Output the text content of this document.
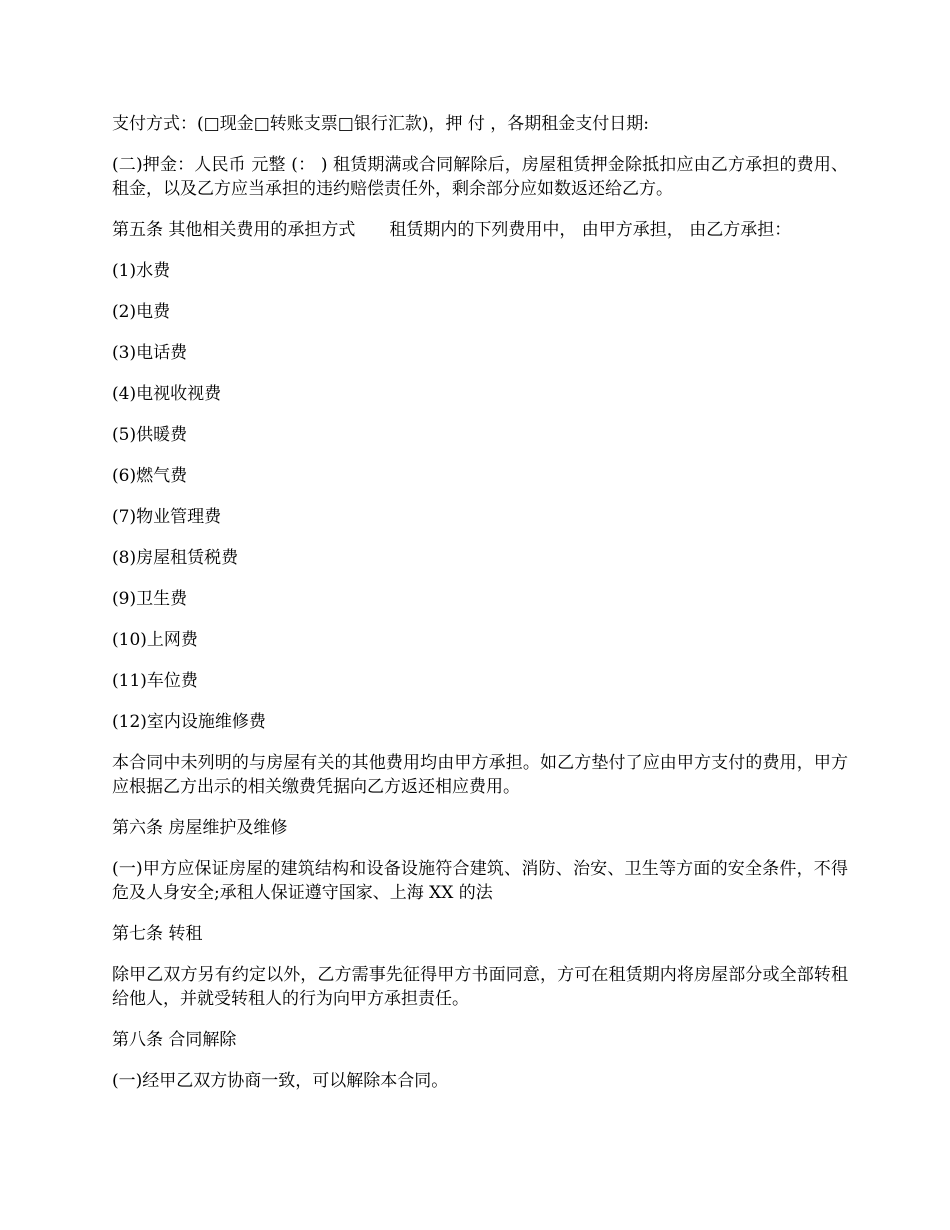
支付方式：(□现金□转账支票□银行汇款)，押 付 ，各期租金支付日期:

(二)押金：人民币 元整 (： ) 租赁期满或合同解除后，房屋租赁押金除抵扣应由乙方承担的费用、租金，以及乙方应当承担的违约赔偿责任外，剩余部分应如数返还给乙方。

第五条 其他相关费用的承担方式 租赁期内的下列费用中， 由甲方承担， 由乙方承担：

(1)水费

(2)电费

(3)电话费

(4)电视收视费

(5)供暖费

(6)燃气费

(7)物业管理费

(8)房屋租赁税费

(9)卫生费

(10)上网费

(11)车位费

(12)室内设施维修费

本合同中未列明的与房屋有关的其他费用均由甲方承担。如乙方垫付了应由甲方支付的费用，甲方应根据乙方出示的相关缴费凭据向乙方返还相应费用。

第六条 房屋维护及维修

(一)甲方应保证房屋的建筑结构和设备设施符合建筑、消防、治安、卫生等方面的安全条件，不得危及人身安全;承租人保证遵守国家、上海 XX 的法

第七条 转租

除甲乙双方另有约定以外，乙方需事先征得甲方书面同意，方可在租赁期内将房屋部分或全部转租给他人，并就受转租人的行为向甲方承担责任。

第八条 合同解除

(一)经甲乙双方协商一致，可以解除本合同。
